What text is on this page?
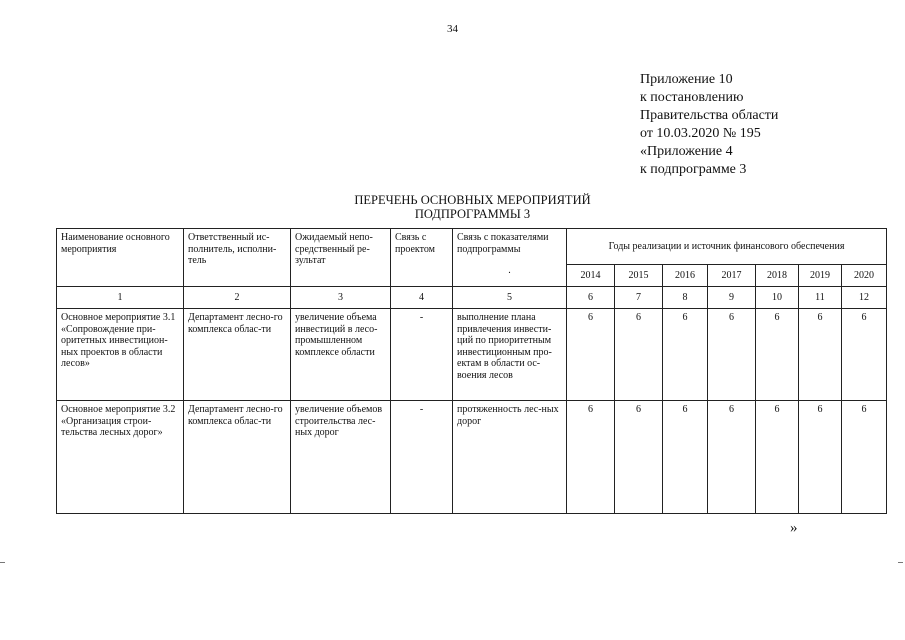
34
Приложение 10
к постановлению
Правительства области
от 10.03.2020 № 195
«Приложение 4
к подпрограмме 3
ПЕРЕЧЕНЬ ОСНОВНЫХ МЕРОПРИЯТИЙ
ПОДПРОГРАММЫ 3
Наименование основного мероприятия	Ответственный ис-полнитель, исполни-тель	Ожидаемый непо-средственный ре-зультат	Связь с проектом	Связь с показателями подпрограммы
.	Годы реализации и источник финансового обеспечения						
					2014	2015	2016	2017	2018	2019	2020
1	2	3	4	5	6	7	8	9	10	11	12
Основное мероприятие 3.1 «Сопровождение при-оритетных инвестицион-ных проектов в области лесов»	Департамент лесно-го комплекса облас-ти	увеличение объема инвестиций в лесо-промышленном комплексе области	-	выполнение плана привлечения инвести-ций по приоритетным инвестиционным про-ектам в области ос-воения лесов	6	6	6	6	6	6	6
Основное мероприятие 3.2 «Организация строи-тельства лесных дорог»	Департамент лесно-го комплекса облас-ти	увеличение объемов строительства лес-ных дорог	-	протяженность лес-ных дорог	6	6	6	6	6	6	6
»
